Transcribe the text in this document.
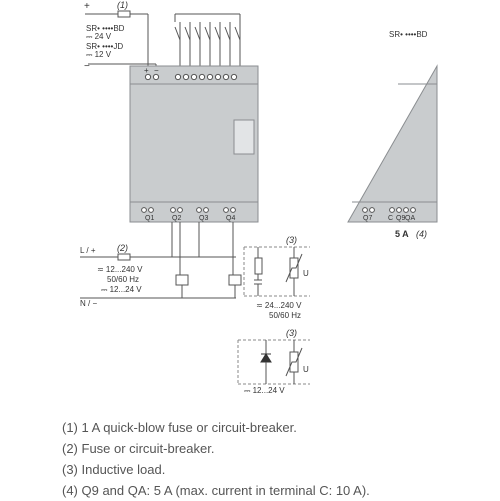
+
−
(1)
SR• ••••BD
⎓ 24 V
SR• ••••JD
⎓ 12 V
+ −
Q1	Q2	Q3	Q4
SR• ••••BD
Q7 C Q9 QA
5 A (4)
L / +
N / −
(2)
≂ 12...240 V
50/60 Hz
⎓ 12...24 V
(3)
U
≂ 24...240 V
50/60 Hz
(3)
U
⎓ 12...24 V
(1) 1 A quick-blow fuse or circuit-breaker.
(2) Fuse or circuit-breaker.
(3) Inductive load.
(4) Q9 and QA: 5 A (max. current in terminal C: 10 A).
